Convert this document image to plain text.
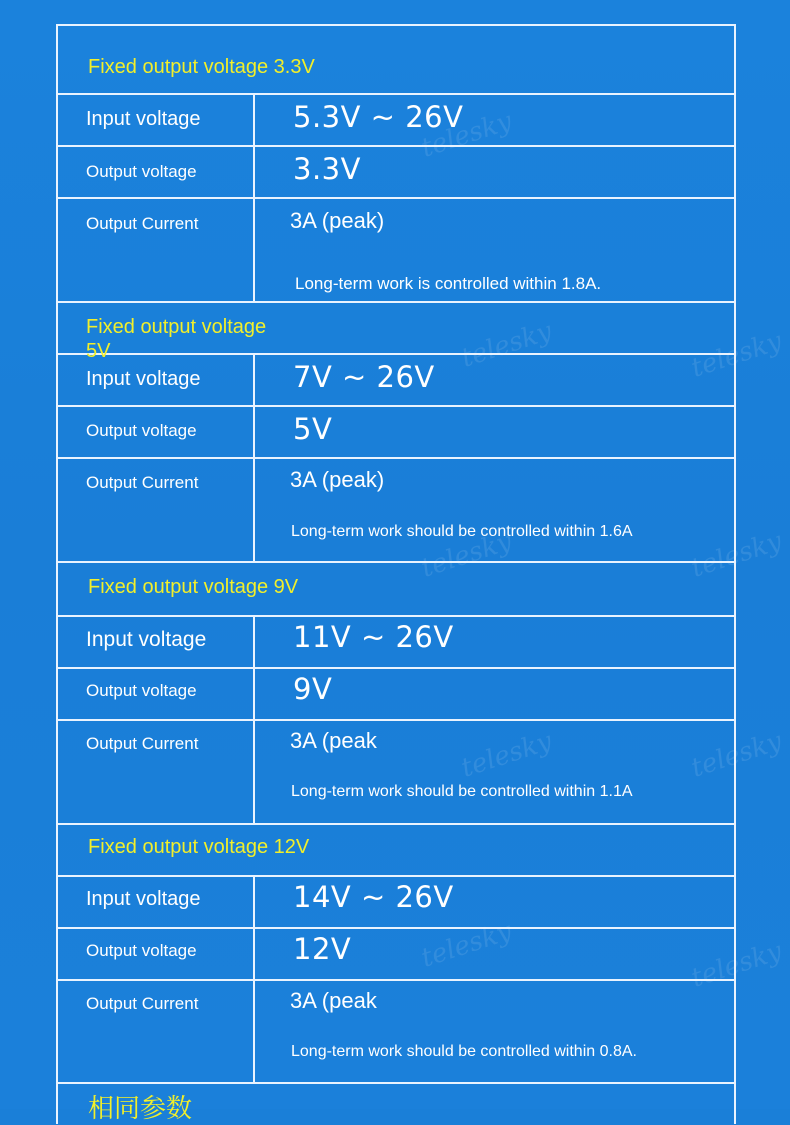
telesky
telesky	telesky
telesky	telesky
telesky	telesky
telesky	telesky
Fixed output voltage 3.3V
Input voltage	5.3V ~ 26V
Output voltage	3.3V
Output Current	3A (peak)
Long-term work is controlled within 1.8A.
Fixed output voltage 5V
Input voltage	7V ~ 26V
Output voltage	5V
Output Current	3A (peak)
Long-term work should be controlled within 1.6A
Fixed output voltage 9V
Input voltage	11V ~ 26V
Output voltage	9V
Output Current	3A (peak
Long-term work should be controlled within 1.1A
Fixed output voltage 12V
Input voltage	14V ~ 26V
Output voltage	12V
Output Current	3A (peak
Long-term work should be controlled within 0.8A.
相同参数
